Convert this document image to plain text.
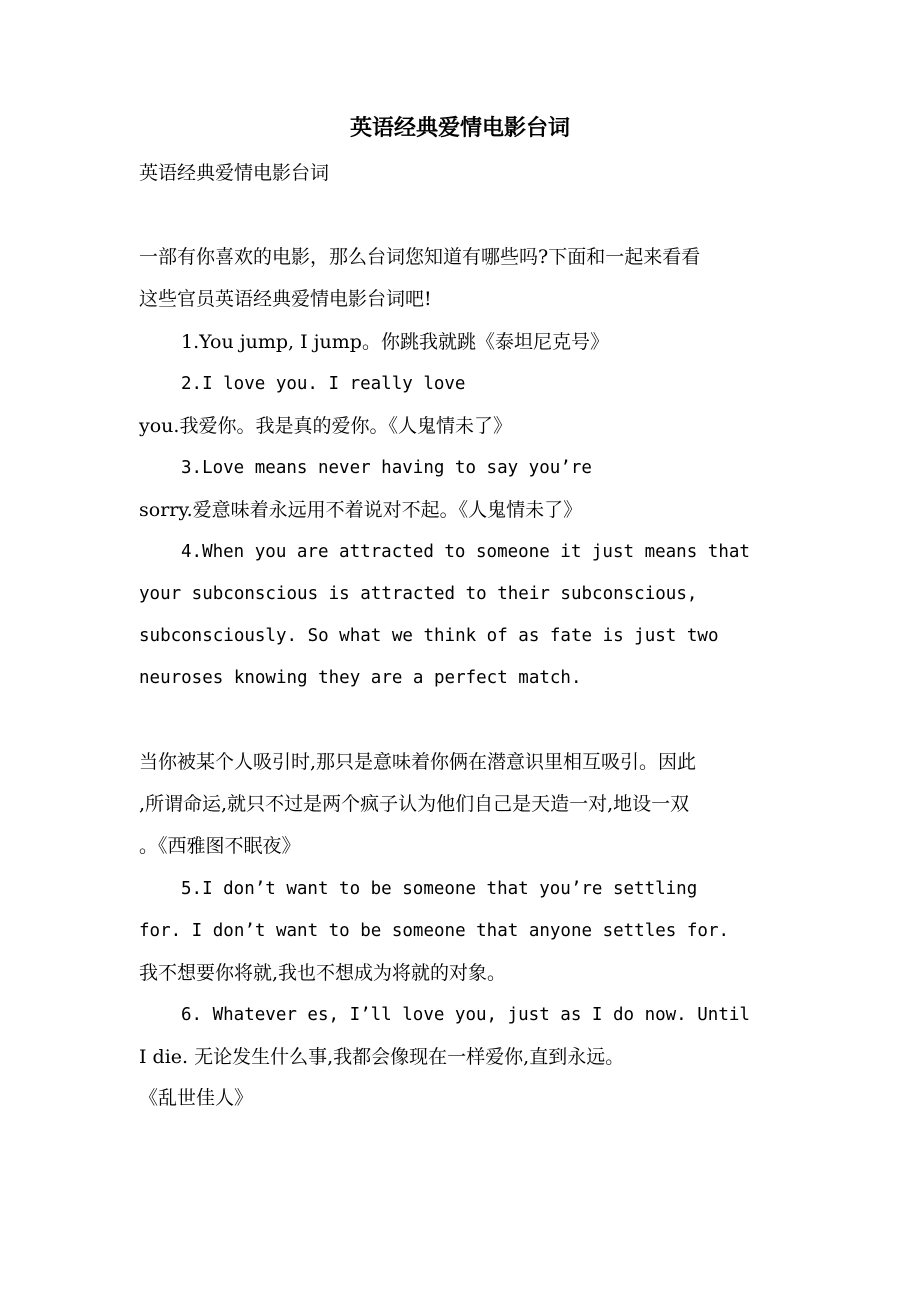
英语经典爱情电影台词
英语经典爱情电影台词
一部有你喜欢的电影，那么台词您知道有哪些吗?下面和一起来看看
这些官员英语经典爱情电影台词吧!
1.You jump, I jump。你跳我就跳《泰坦尼克号》
2.I love you. I really love
you.我爱你。我是真的爱你。《人鬼情未了》
3.Love means never having to say you’re
sorry.爱意味着永远用不着说对不起。《人鬼情未了》
4.When you are attracted to someone it just means that
your subconscious is attracted to their subconscious,
subconsciously. So what we think of as fate is just two
neuroses knowing they are a perfect match.
当你被某个人吸引时,那只是意味着你俩在潜意识里相互吸引。因此
,所谓命运,就只不过是两个疯子认为他们自己是天造一对,地设一双
。《西雅图不眠夜》
5.I don’t want to be someone that you’re settling
for. I don’t want to be someone that anyone settles for.
我不想要你将就,我也不想成为将就的对象。
6. Whatever es, I’ll love you, just as I do now. Until
I die. 无论发生什么事,我都会像现在一样爱你,直到永远。
《乱世佳人》
